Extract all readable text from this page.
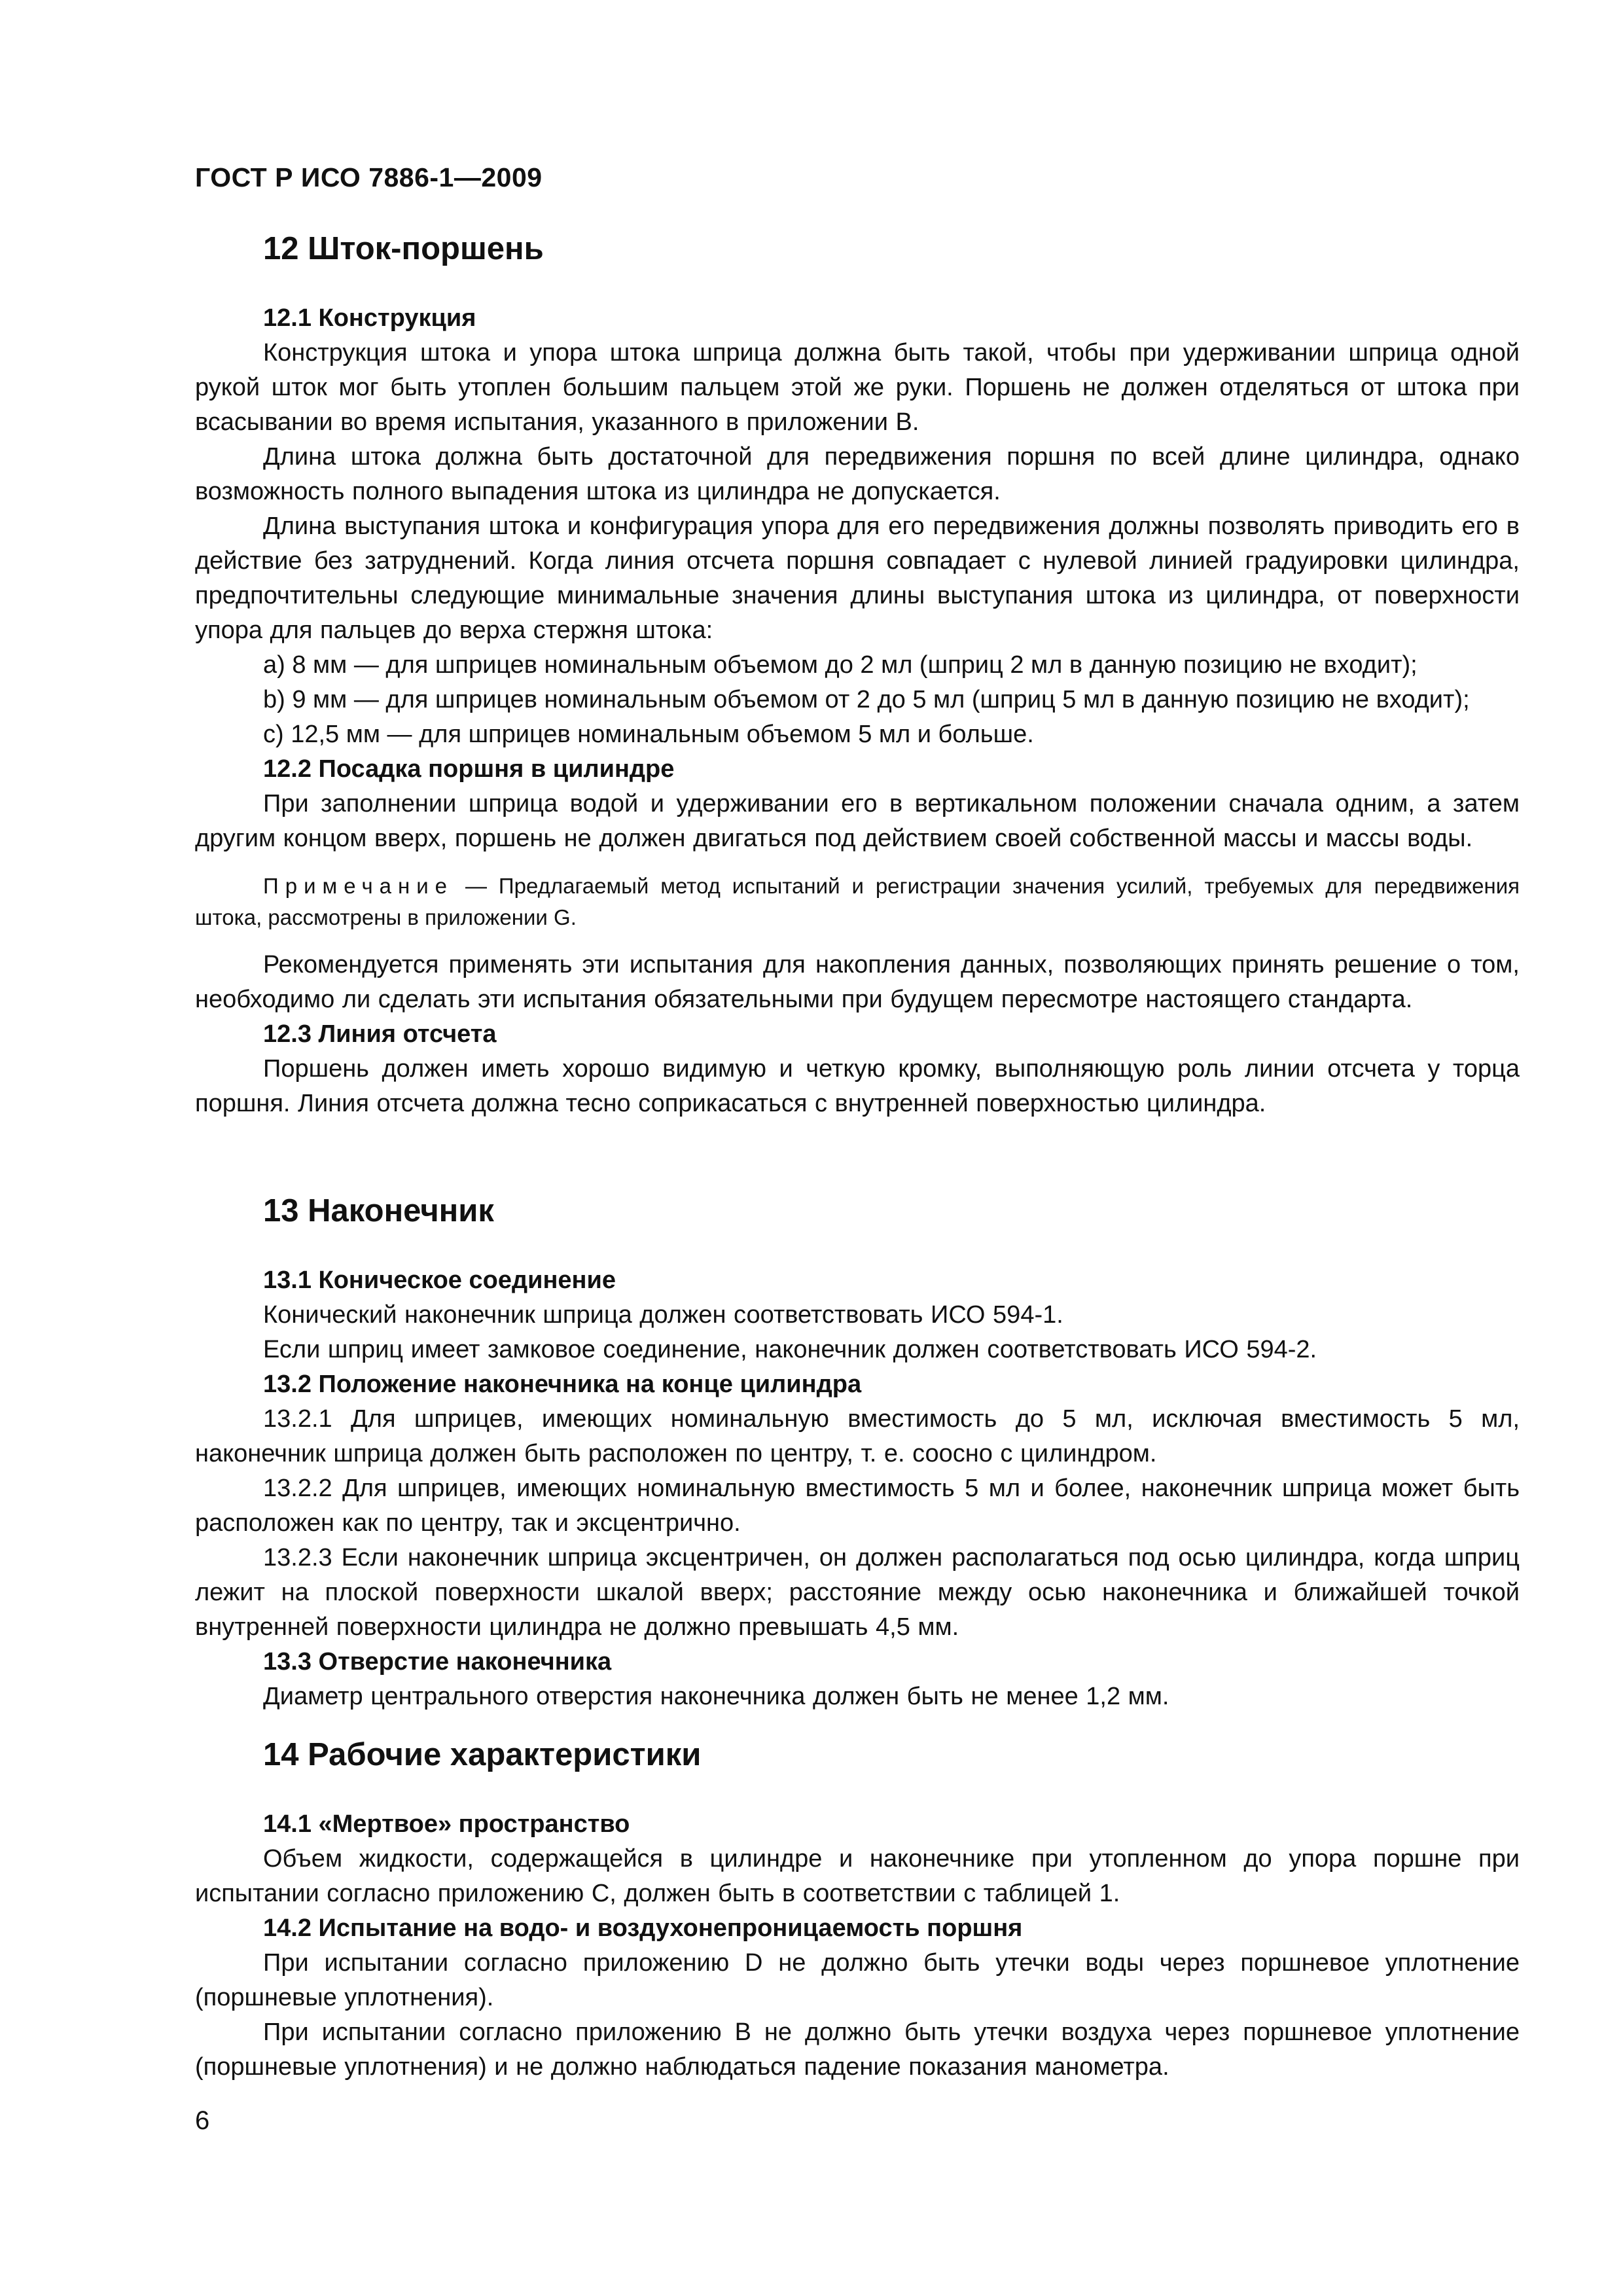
ГОСТ Р ИСО 7886-1—2009
12 Шток-поршень
12.1 Конструкция

Конструкция штока и упора штока шприца должна быть такой, чтобы при удерживании шприца одной рукой шток мог быть утоплен большим пальцем этой же руки. Поршень не должен отделяться от штока при всасывании во время испытания, указанного в приложении В.

Длина штока должна быть достаточной для передвижения поршня по всей длине цилиндра, однако возможность полного выпадения штока из цилиндра не допускается.

Длина выступания штока и конфигурация упора для его передвижения должны позволять приводить его в действие без затруднений. Когда линия отсчета поршня совпадает с нулевой линией градуировки цилиндра, предпочтительны следующие минимальные значения длины выступания штока из цилиндра, от поверхности упора для пальцев до верха стержня штока:

a) 8 мм — для шприцев номинальным объемом до 2 мл (шприц 2 мл в данную позицию не входит);

b) 9 мм — для шприцев номинальным объемом от 2 до 5 мл (шприц 5 мл в данную позицию не входит);

c) 12,5 мм — для шприцев номинальным объемом 5 мл и больше.

12.2 Посадка поршня в цилиндре

При заполнении шприца водой и удерживании его в вертикальном положении сначала одним, а затем другим концом вверх, поршень не должен двигаться под действием своей собственной массы и массы воды.

Примечание — Предлагаемый метод испытаний и регистрации значения усилий, требуемых для передвижения штока, рассмотрены в приложении G.

Рекомендуется применять эти испытания для накопления данных, позволяющих принять решение о том, необходимо ли сделать эти испытания обязательными при будущем пересмотре настоящего стандарта.

12.3 Линия отсчета

Поршень должен иметь хорошо видимую и четкую кромку, выполняющую роль линии отсчета у торца поршня. Линия отсчета должна тесно соприкасаться с внутренней поверхностью цилиндра.

13 Наконечник
13.1 Коническое соединение

Конический наконечник шприца должен соответствовать ИСО 594-1.

Если шприц имеет замковое соединение, наконечник должен соответствовать ИСО 594-2.

13.2 Положение наконечника на конце цилиндра

13.2.1 Для шприцев, имеющих номинальную вместимость до 5 мл, исключая вместимость 5 мл, наконечник шприца должен быть расположен по центру, т. е. соосно с цилиндром.

13.2.2 Для шприцев, имеющих номинальную вместимость 5 мл и более, наконечник шприца может быть расположен как по центру, так и эксцентрично.

13.2.3 Если наконечник шприца эксцентричен, он должен располагаться под осью цилиндра, когда шприц лежит на плоской поверхности шкалой вверх; расстояние между осью наконечника и ближайшей точкой внутренней поверхности цилиндра не должно превышать 4,5 мм.

13.3 Отверстие наконечника

Диаметр центрального отверстия наконечника должен быть не менее 1,2 мм.

14 Рабочие характеристики
14.1 «Мертвое» пространство

Объем жидкости, содержащейся в цилиндре и наконечнике при утопленном до упора поршне при испытании согласно приложению С, должен быть в соответствии с таблицей 1.

14.2 Испытание на водо- и воздухонепроницаемость поршня

При испытании согласно приложению D не должно быть утечки воды через поршневое уплотнение (поршневые уплотнения).

При испытании согласно приложению В не должно быть утечки воздуха через поршневое уплотнение (поршневые уплотнения) и не должно наблюдаться падение показания манометра.

6
